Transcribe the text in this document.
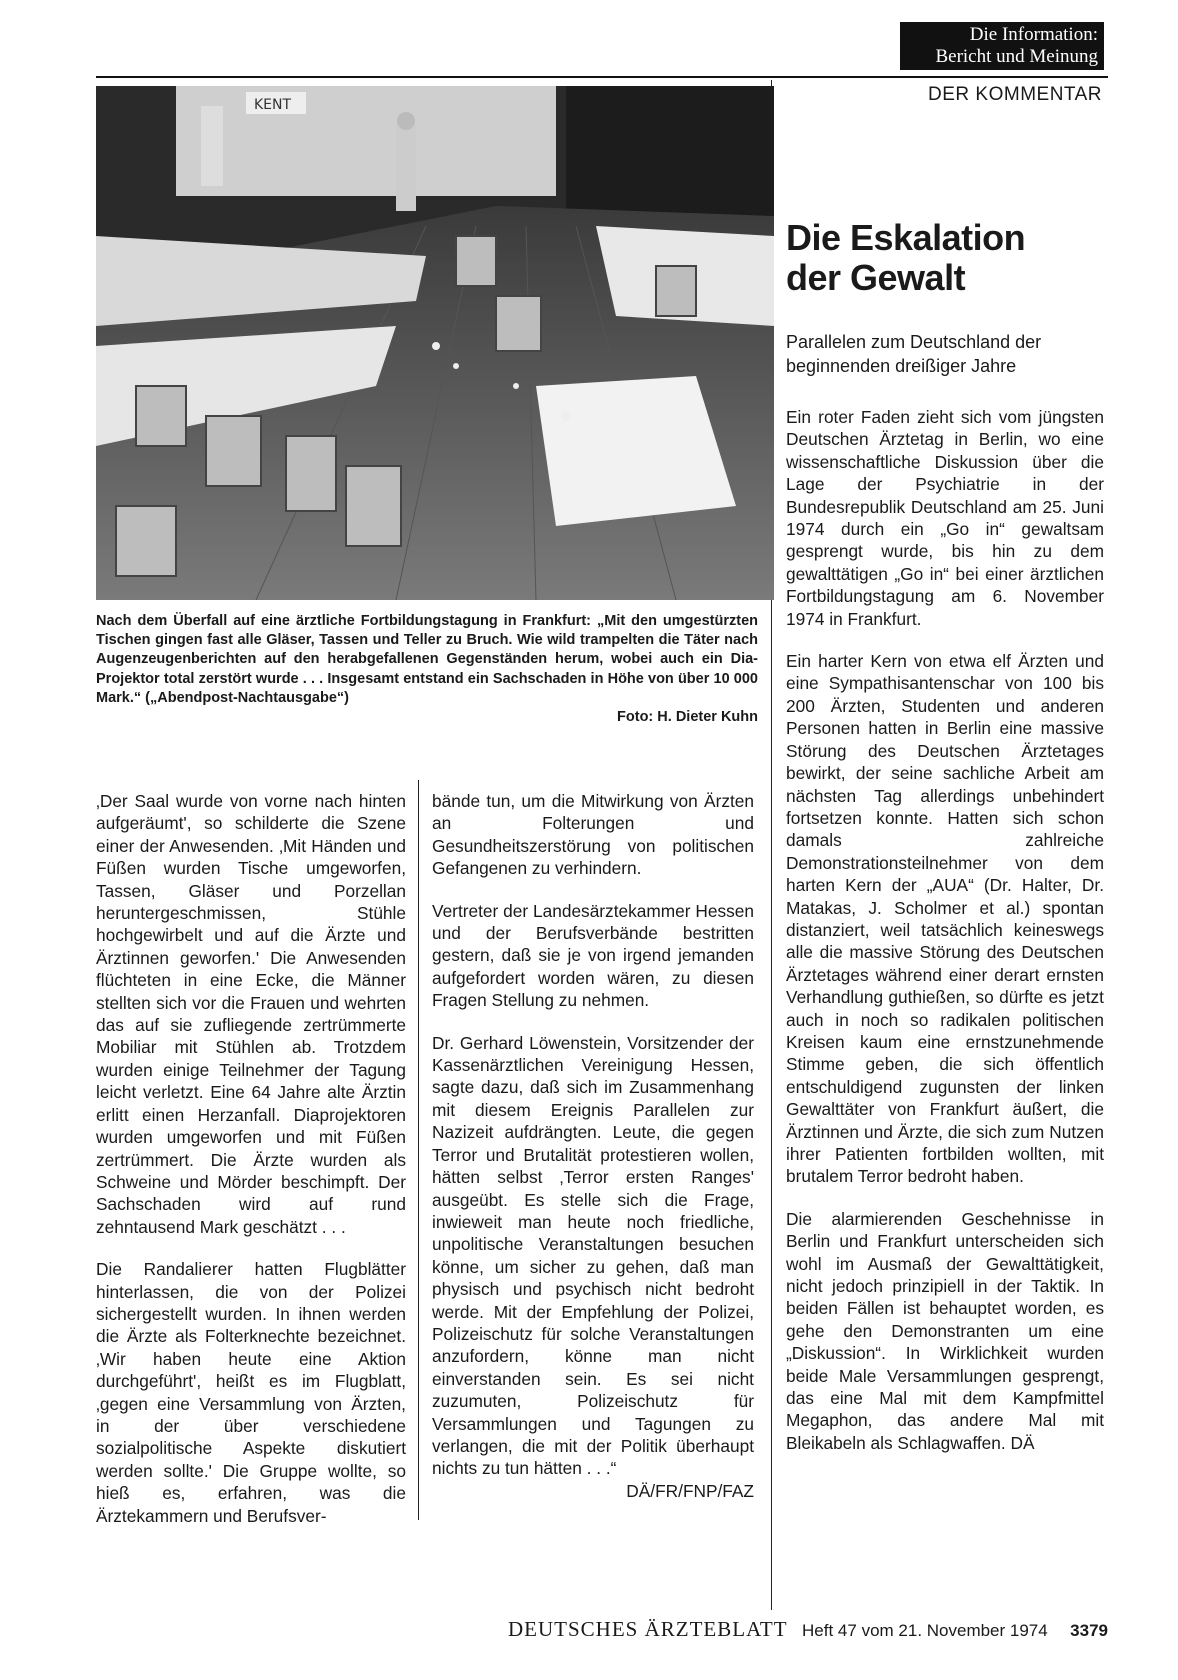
Die Information:
Bericht und Meinung
DER KOMMENTAR
Die Eskalation
der Gewalt
Parallelen zum Deutschland der beginnenden dreißiger Jahre
KENT
Nach dem Überfall auf eine ärztliche Fortbildungstagung in Frankfurt: „Mit den umgestürzten Tischen gingen fast alle Gläser, Tassen und Teller zu Bruch. Wie wild trampelten die Täter nach Augenzeugenberichten auf den herabgefallenen Gegenständen herum, wobei auch ein Dia-Projektor total zerstört wurde . . . Insgesamt entstand ein Sachschaden in Höhe von über 10 000 Mark.“ („Abendpost-Nachtausgabe“)
Foto: H. Dieter Kuhn

‚Der Saal wurde von vorne nach hinten aufgeräumt', so schilderte die Szene einer der Anwesenden. ‚Mit Händen und Füßen wurden Tische umgeworfen, Tassen, Gläser und Porzellan heruntergeschmissen, Stühle hochgewirbelt und auf die Ärzte und Ärztinnen geworfen.' Die Anwesenden flüchteten in eine Ecke, die Männer stellten sich vor die Frauen und wehrten das auf sie zufliegende zertrümmerte Mobiliar mit Stühlen ab. Trotzdem wurden einige Teilnehmer der Tagung leicht verletzt. Eine 64 Jahre alte Ärztin erlitt einen Herzanfall. Diaprojektoren wurden umgeworfen und mit Füßen zertrümmert. Die Ärzte wurden als Schweine und Mörder beschimpft. Der Sachschaden wird auf rund zehntausend Mark geschätzt . . .

Die Randalierer hatten Flugblätter hinterlassen, die von der Polizei sichergestellt wurden. In ihnen werden die Ärzte als Folterknechte bezeichnet. ‚Wir haben heute eine Aktion durchgeführt', heißt es im Flugblatt, ‚gegen eine Versammlung von Ärzten, in der über verschiedene sozialpolitische Aspekte diskutiert werden sollte.' Die Gruppe wollte, so hieß es, erfahren, was die Ärztekammern und Berufsver-

bände tun, um die Mitwirkung von Ärzten an Folterungen und Gesundheitszerstörung von politischen Gefangenen zu verhindern.

Vertreter der Landesärztekammer Hessen und der Berufsverbände bestritten gestern, daß sie je von irgend jemanden aufgefordert worden wären, zu diesen Fragen Stellung zu nehmen.

Dr. Gerhard Löwenstein, Vorsitzender der Kassenärztlichen Vereinigung Hessen, sagte dazu, daß sich im Zusammenhang mit diesem Ereignis Parallelen zur Nazizeit aufdrängten. Leute, die gegen Terror und Brutalität protestieren wollen, hätten selbst ‚Terror ersten Ranges' ausgeübt. Es stelle sich die Frage, inwieweit man heute noch friedliche, unpolitische Veranstaltungen besuchen könne, um sicher zu gehen, daß man physisch und psychisch nicht bedroht werde. Mit der Empfehlung der Polizei, Polizeischutz für solche Veranstaltungen anzufordern, könne man nicht einverstanden sein. Es sei nicht zuzumuten, Polizeischutz für Versammlungen und Tagungen zu verlangen, die mit der Politik überhaupt nichts zu tun hätten . . .“

DÄ/FR/FNP/FAZ

Ein roter Faden zieht sich vom jüngsten Deutschen Ärztetag in Berlin, wo eine wissenschaftliche Diskussion über die Lage der Psychiatrie in der Bundesrepublik Deutschland am 25. Juni 1974 durch ein „Go in“ gewaltsam gesprengt wurde, bis hin zu dem gewalttätigen „Go in“ bei einer ärztlichen Fortbildungstagung am 6. November 1974 in Frankfurt.

Ein harter Kern von etwa elf Ärzten und eine Sympathisantenschar von 100 bis 200 Ärzten, Studenten und anderen Personen hatten in Berlin eine massive Störung des Deutschen Ärztetages bewirkt, der seine sachliche Arbeit am nächsten Tag allerdings unbehindert fortsetzen konnte. Hatten sich schon damals zahlreiche Demonstrationsteilnehmer von dem harten Kern der „AUA“ (Dr. Halter, Dr. Matakas, J. Scholmer et al.) spontan distanziert, weil tatsächlich keineswegs alle die massive Störung des Deutschen Ärztetages während einer derart ernsten Verhandlung guthießen, so dürfte es jetzt auch in noch so radikalen politischen Kreisen kaum eine ernstzunehmende Stimme geben, die sich öffentlich entschuldigend zugunsten der linken Gewalttäter von Frankfurt äußert, die Ärztinnen und Ärzte, die sich zum Nutzen ihrer Patienten fortbilden wollten, mit brutalem Terror bedroht haben.

Die alarmierenden Geschehnisse in Berlin und Frankfurt unterscheiden sich wohl im Ausmaß der Gewalttätigkeit, nicht jedoch prinzipiell in der Taktik. In beiden Fällen ist behauptet worden, es gehe den Demonstranten um eine „Diskussion“. In Wirklichkeit wurden beide Male Versammlungen gesprengt, das eine Mal mit dem Kampfmittel Megaphon, das andere Mal mit Bleikabeln als Schlagwaffen. DÄ

DEUTSCHES ÄRZTEBLATT Heft 47 vom 21. November 1974 3379
